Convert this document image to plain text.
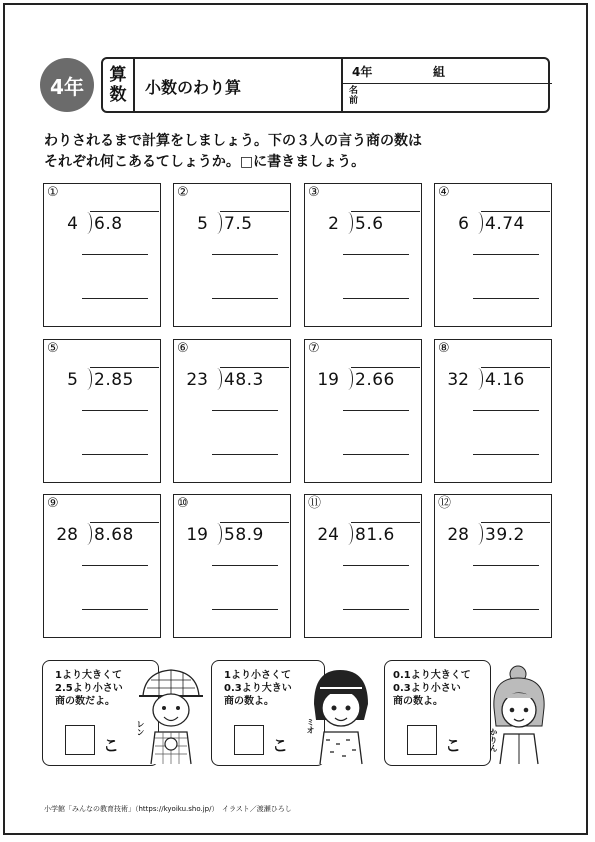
4年	算
数 小数のわり算
4年	組
名前
わりされるまで計算をしましょう。下の３人の言う商の数は
それぞれ何こあるてしょうか。□に書きましょう。
①
4 6.8
②
5 7.5
③
2 5.6
④
6 4.74
⑤
5 2.85
⑥
23 48.3
⑦
19 2.66
⑧
32 4.16
⑨
28 8.68
⑩
19 58.9
⑪
24 81.6
⑫
28 39.2
1より大きくて
2.5より小さい
商の数だよ。
こ
レン
1より小さくて
0.3より大きい
商の数よ。
こ
ミオ
0.1より大きくて
0.3より小さい
商の数よ。
こ	かりん
小学館「みんなの教育技術」（https://kyoiku.sho.jp/）　イラスト／渡瀬ひろし
